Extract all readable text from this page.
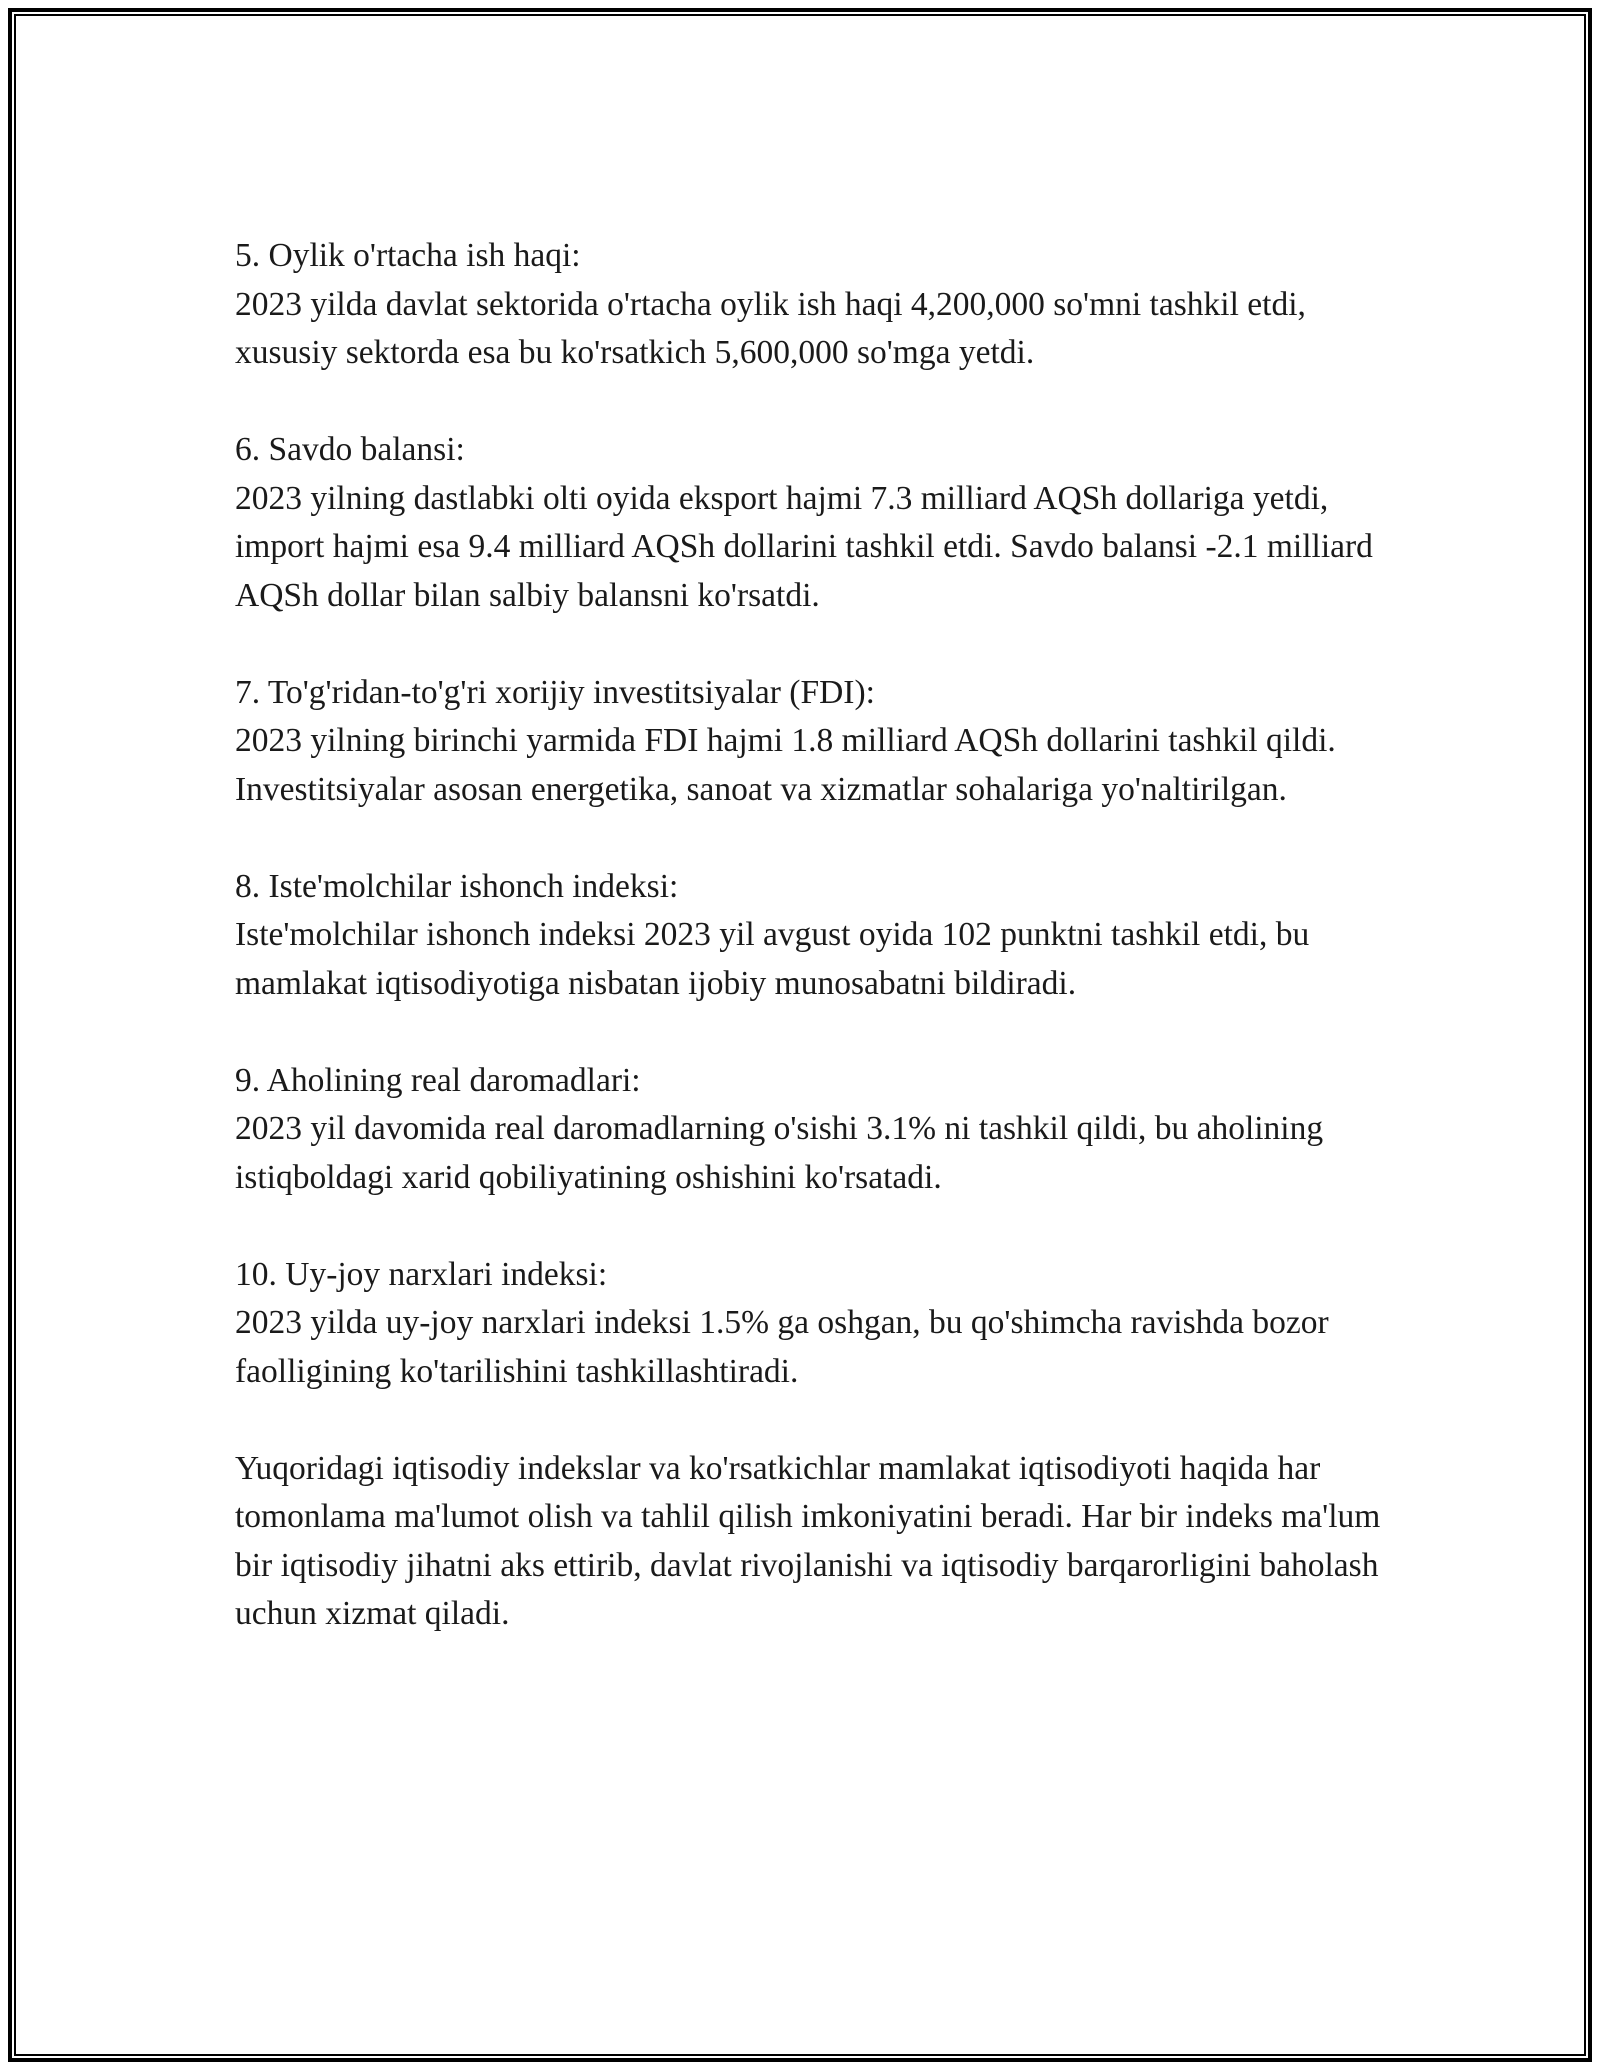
5. Oylik o'rtacha ish haqi:

2023 yilda davlat sektorida o'rtacha oylik ish haqi 4,200,000 so'mni tashkil etdi, xususiy sektorda esa bu ko'rsatkich 5,600,000 so'mga yetdi.

6. Savdo balansi:

2023 yilning dastlabki olti oyida eksport hajmi 7.3 milliard AQSh dollariga yetdi, import hajmi esa 9.4 milliard AQSh dollarini tashkil etdi. Savdo balansi -2.1 milliard AQSh dollar bilan salbiy balansni ko'rsatdi.

7. To'g'ridan-to'g'ri xorijiy investitsiyalar (FDI):

2023 yilning birinchi yarmida FDI hajmi 1.8 milliard AQSh dollarini tashkil qildi. Investitsiyalar asosan energetika, sanoat va xizmatlar sohalariga yo'naltirilgan.

8. Iste'molchilar ishonch indeksi:

Iste'molchilar ishonch indeksi 2023 yil avgust oyida 102 punktni tashkil etdi, bu mamlakat iqtisodiyotiga nisbatan ijobiy munosabatni bildiradi.

9. Aholining real daromadlari:

2023 yil davomida real daromadlarning o'sishi 3.1% ni tashkil qildi, bu aholining istiqboldagi xarid qobiliyatining oshishini ko'rsatadi.

10. Uy-joy narxlari indeksi:

2023 yilda uy-joy narxlari indeksi 1.5% ga oshgan, bu qo'shimcha ravishda bozor faolligining ko'tarilishini tashkillashtiradi.

Yuqoridagi iqtisodiy indekslar va ko'rsatkichlar mamlakat iqtisodiyoti haqida har tomonlama ma'lumot olish va tahlil qilish imkoniyatini beradi. Har bir indeks ma'lum bir iqtisodiy jihatni aks ettirib, davlat rivojlanishi va iqtisodiy barqarorligini baholash uchun xizmat qiladi.
